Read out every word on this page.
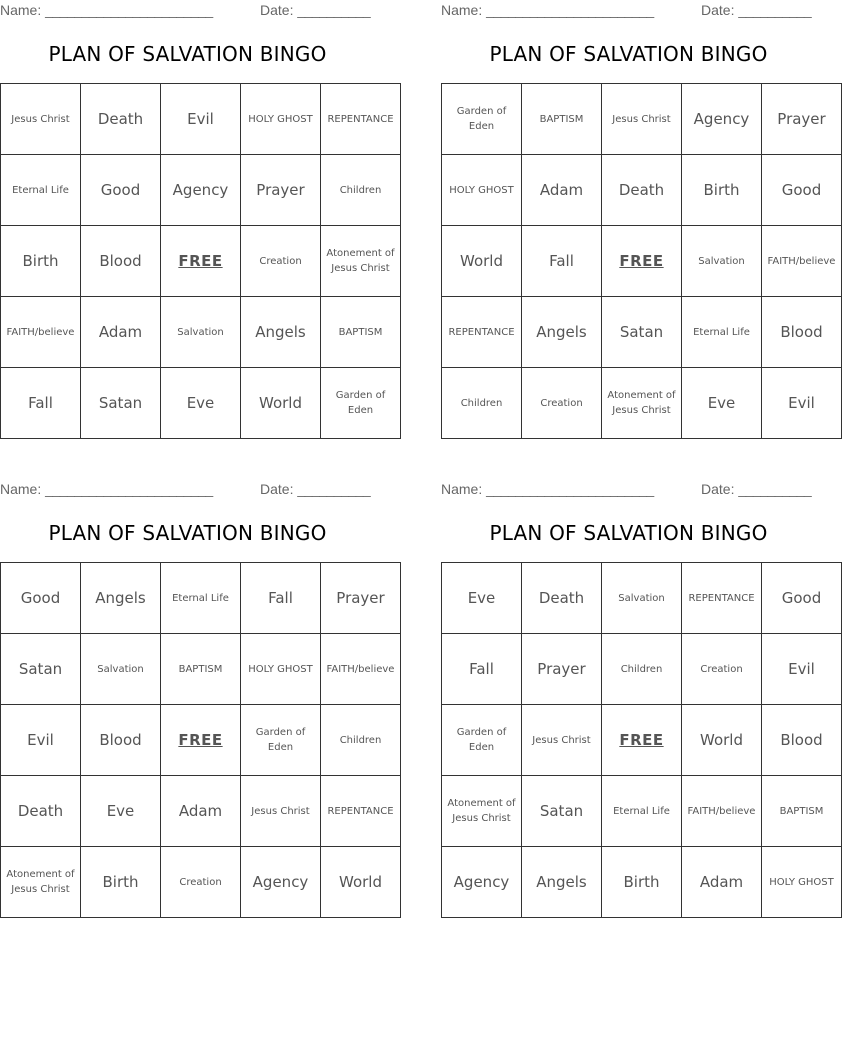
Name: _______________________	Date: __________
PLAN OF SALVATION BINGO
Jesus Christ	Death	Evil	HOLY GHOST	REPENTANCE
Eternal Life	Good	Agency	Prayer	Children
Birth	Blood	FREE	Creation	Atonement of Jesus Christ
FAITH/believe	Adam	Salvation	Angels	BAPTISM
Fall	Satan	Eve	World	Garden of Eden
Name: _______________________	Date: __________
PLAN OF SALVATION BINGO
Garden of Eden	BAPTISM	Jesus Christ	Agency	Prayer
HOLY GHOST	Adam	Death	Birth	Good
World	Fall	FREE	Salvation	FAITH/believe
REPENTANCE	Angels	Satan	Eternal Life	Blood
Children	Creation	Atonement of Jesus Christ	Eve	Evil
Name: _______________________	Date: __________
PLAN OF SALVATION BINGO
Good	Angels	Eternal Life	Fall	Prayer
Satan	Salvation	BAPTISM	HOLY GHOST	FAITH/believe
Evil	Blood	FREE	Garden of Eden	Children
Death	Eve	Adam	Jesus Christ	REPENTANCE
Atonement of Jesus Christ	Birth	Creation	Agency	World
Name: _______________________	Date: __________
PLAN OF SALVATION BINGO
Eve	Death	Salvation	REPENTANCE	Good
Fall	Prayer	Children	Creation	Evil
Garden of Eden	Jesus Christ	FREE	World	Blood
Atonement of Jesus Christ	Satan	Eternal Life	FAITH/believe	BAPTISM
Agency	Angels	Birth	Adam	HOLY GHOST
